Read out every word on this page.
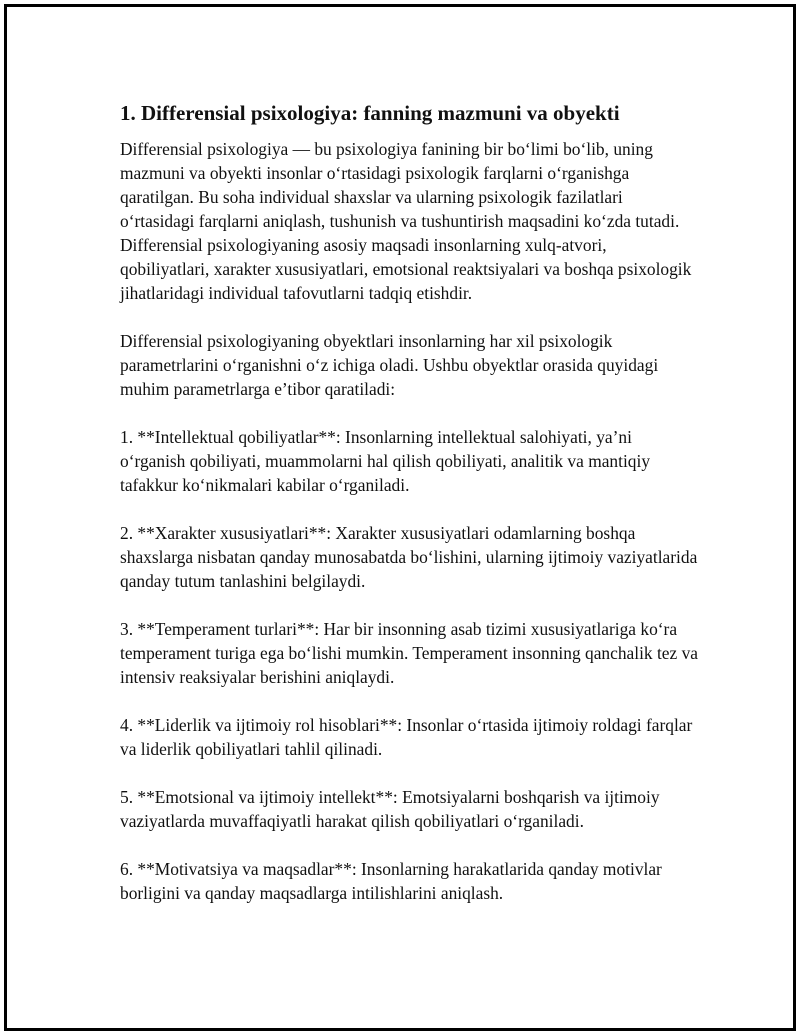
1. Differensial psixologiya: fanning mazmuni va obyekti

Differensial psixologiya — bu psixologiya fanining bir boʻlimi boʻlib, uning mazmuni va obyekti insonlar oʻrtasidagi psixologik farqlarni oʻrganishga qaratilgan. Bu soha individual shaxslar va ularning psixologik fazilatlari oʻrtasidagi farqlarni aniqlash, tushunish va tushuntirish maqsadini koʻzda tutadi. Differensial psixologiyaning asosiy maqsadi insonlarning xulq-atvori, qobiliyatlari, xarakter xususiyatlari, emotsional reaktsiyalari va boshqa psixologik jihatlaridagi individual tafovutlarni tadqiq etishdir.

Differensial psixologiyaning obyektlari insonlarning har xil psixologik parametrlarini oʻrganishni oʻz ichiga oladi. Ushbu obyektlar orasida quyidagi muhim parametrlarga e’tibor qaratiladi:

1. **Intellektual qobiliyatlar**: Insonlarning intellektual salohiyati, ya’ni oʻrganish qobiliyati, muammolarni hal qilish qobiliyati, analitik va mantiqiy tafakkur koʻnikmalari kabilar oʻrganiladi.

2. **Xarakter xususiyatlari**: Xarakter xususiyatlari odamlarning boshqa shaxslarga nisbatan qanday munosabatda boʻlishini, ularning ijtimoiy vaziyatlarida qanday tutum tanlashini belgilaydi.

3. **Temperament turlari**: Har bir insonning asab tizimi xususiyatlariga koʻra temperament turiga ega boʻlishi mumkin. Temperament insonning qanchalik tez va intensiv reaksiyalar berishini aniqlaydi.

4. **Liderlik va ijtimoiy rol hisoblari**: Insonlar oʻrtasida ijtimoiy roldagi farqlar va liderlik qobiliyatlari tahlil qilinadi.

5. **Emotsional va ijtimoiy intellekt**: Emotsiyalarni boshqarish va ijtimoiy vaziyatlarda muvaffaqiyatli harakat qilish qobiliyatlari oʻrganiladi.

6. **Motivatsiya va maqsadlar**: Insonlarning harakatlarida qanday motivlar borligini va qanday maqsadlarga intilishlarini aniqlash.
